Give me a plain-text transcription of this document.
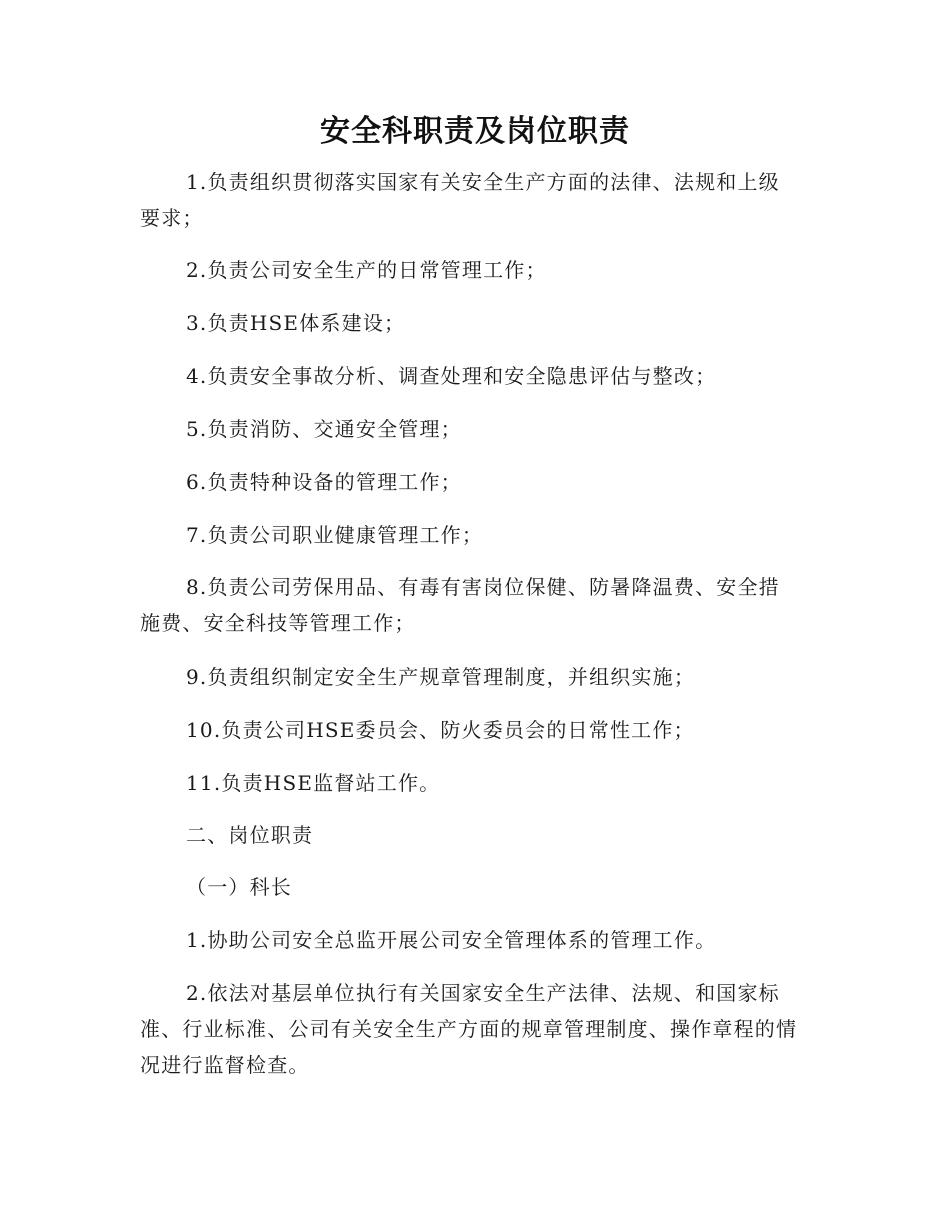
安全科职责及岗位职责

1.负责组织贯彻落实国家有关安全生产方面的法律、法规和上级要求；

2.负责公司安全生产的日常管理工作；

3.负责HSE体系建设；

4.负责安全事故分析、调查处理和安全隐患评估与整改；

5.负责消防、交通安全管理；

6.负责特种设备的管理工作；

7.负责公司职业健康管理工作；

8.负责公司劳保用品、有毒有害岗位保健、防暑降温费、安全措施费、安全科技等管理工作；

9.负责组织制定安全生产规章管理制度，并组织实施；

10.负责公司HSE委员会、防火委员会的日常性工作；

11.负责HSE监督站工作。

二、岗位职责

（一）科长

1.协助公司安全总监开展公司安全管理体系的管理工作。

2.依法对基层单位执行有关国家安全生产法律、法规、和国家标准、行业标准、公司有关安全生产方面的规章管理制度、操作章程的情况进行监督检查。
